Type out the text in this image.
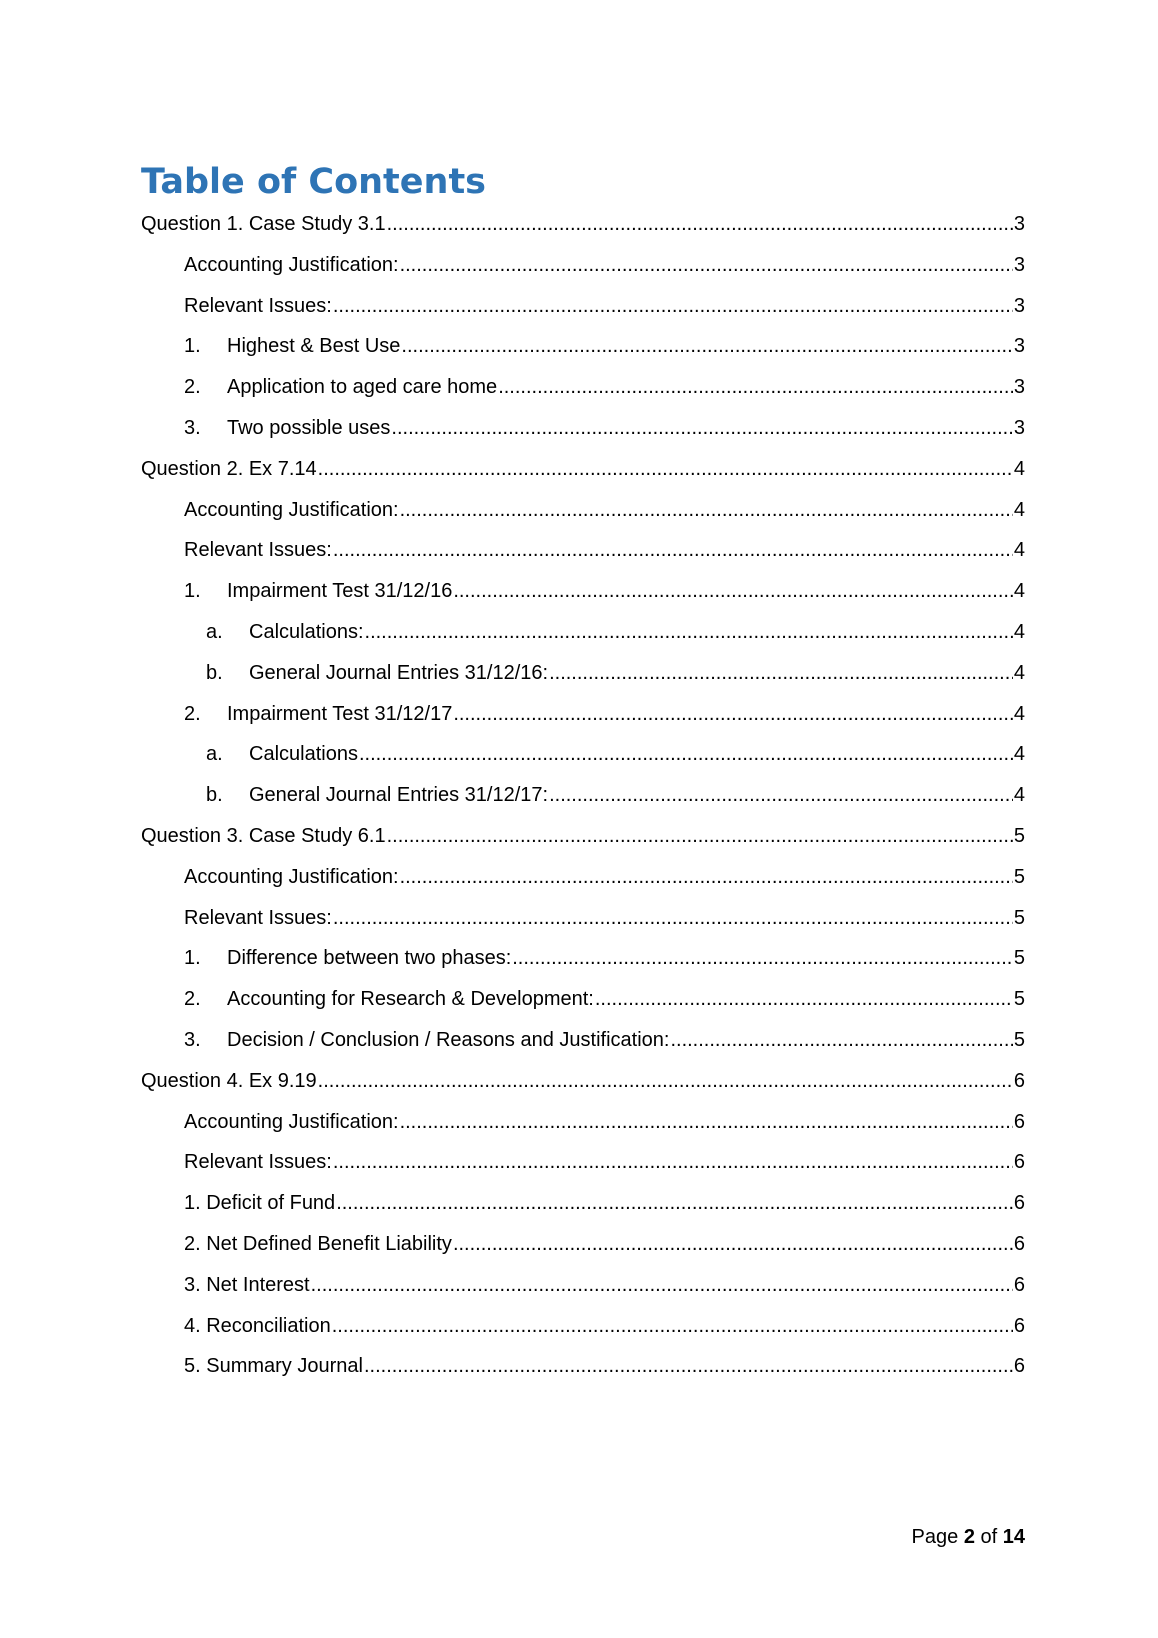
Table of Contents
Question 1. Case Study 3.1 .....	3
Accounting Justification: .....	3
Relevant Issues: .....	3
1.	Highest & Best Use .....	3
2.	Application to aged care home .....	3
3.	Two possible uses .....	3
Question 2. Ex 7.14 .....	4
Accounting Justification: .....	4
Relevant Issues: .....	4
1.	Impairment Test 31/12/16 .....	4
a.	Calculations: .....	4
b.	General Journal Entries 31/12/16: .....	4
2.	Impairment Test 31/12/17 .....	4
a.	Calculations .....	4
b.	General Journal Entries 31/12/17: .....	4
Question 3. Case Study 6.1 .....	5
Accounting Justification: .....	5
Relevant Issues: .....	5
1.	Difference between two phases: .....	5
2.	Accounting for Research & Development: .....	5
3.	Decision / Conclusion / Reasons and Justification: .....	5
Question 4. Ex 9.19 .....	6
Accounting Justification: .....	6
Relevant Issues: .....	6
1. Deficit of Fund .....	6
2. Net Defined Benefit Liability .....	6
3. Net Interest .....	6
4. Reconciliation .....	6
5. Summary Journal .....	6
Page 2 of 14
